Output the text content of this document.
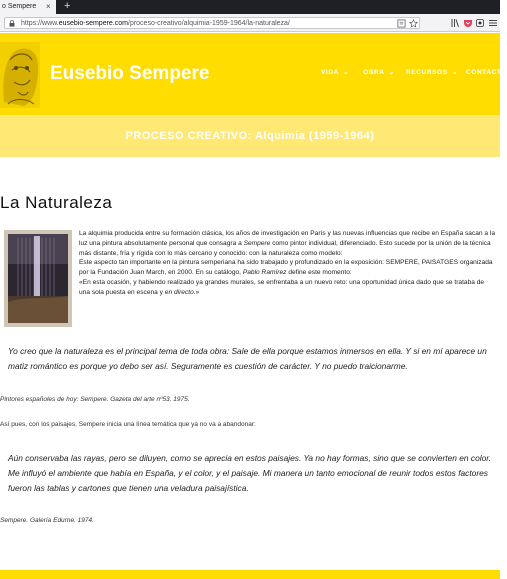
o Sempere × +
https://www.eusebio-sempere.com/proceso-creativo/alquimia-1959-1964/la-naturaleza/
Eusebio Sempere	VIDA ⌄ OBRA ⌄ RECURSOS ⌄ CONTACTO
PROCESO CREATIVO: Alquimia (1959-1964)
La Naturaleza

La alquimia producida entre su formación clásica, los años de investigación en París y las nuevas influencias que recibe en España sacan a la luz una pintura absolutamente personal que consagra a Sempere como pintor individual, diferenciado. Esto sucede por la unión de la técnica más distante, fría y rígida con lo más cercano y conocido: con la naturaleza como modelo:

Este aspecto tan importante en la pintura semperiana ha sido trabajado y profundizado en la exposición: SEMPERE, PAISATGES organizada por la Fundación Juan March, en 2000. En su catálogo, Pablo Ramírez define este momento:

«En esta ocasión, y habiendo realizado ya grandes murales, se enfrentaba a un nuevo reto: una oportunidad única dado que se trataba de una sola puesta en escena y en directo.»

Yo creo que la naturaleza es el principal tema de toda obra: Sale de ella porque estamos inmersos en ella. Y si en mí aparece un matiz romántico es porque yo debo ser así. Seguramente es cuestión de carácter. Y no puedo traicionarme.
Pintores españoles de hoy: Sempere. Gazeta del arte nº53. 1975.
Así pues, con los paisajes, Sempere inicia una línea temática que ya no va a abandonar:
Aún conservaba las rayas, pero se diluyen, como se aprecia en estos paisajes. Ya no hay formas, sino que se convierten en color. Me influyó el ambiente que había en España, y el color, y el paisaje. Mi manera un tanto emocional de reunir todos estos factores fueron las tablas y cartones que tienen una veladura paisajística.
Sempere. Galería Edurne. 1974.
